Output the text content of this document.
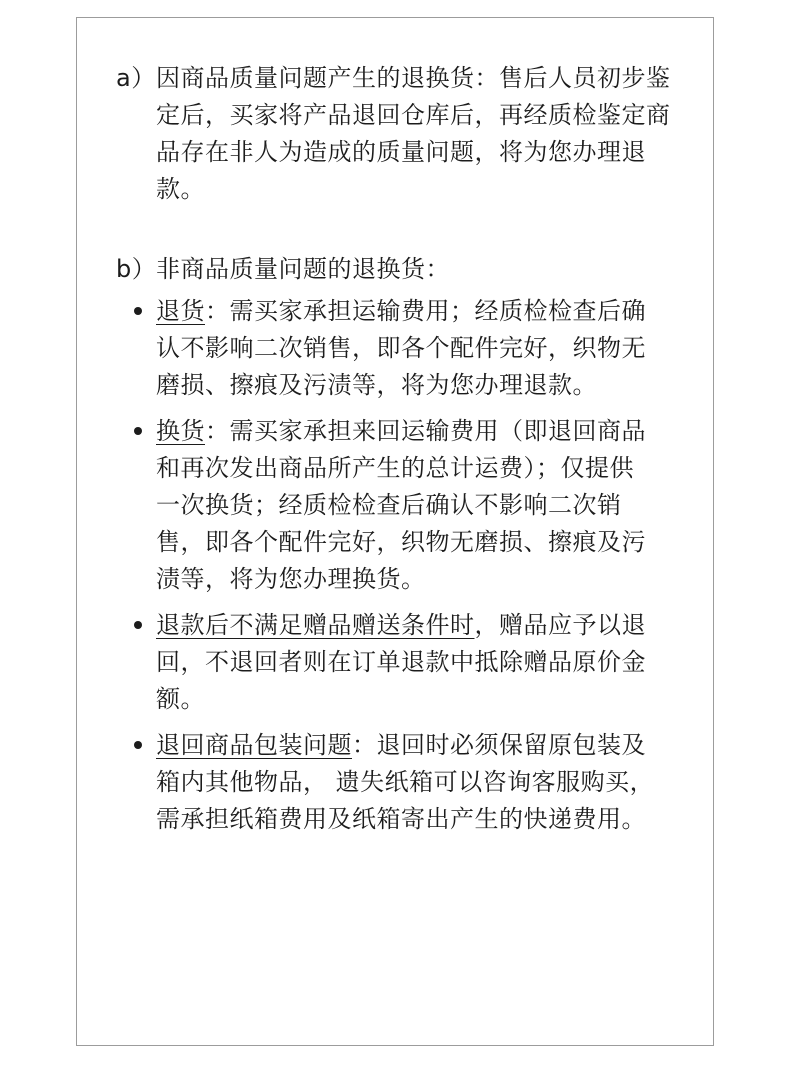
a） 因商品质量问题产生的退换货：售后人员初步鉴定后，买家将产品退回仓库后，再经质检鉴定商品存在非人为造成的质量问题，将为您办理退款。
b） 非商品质量问题的退换货：
退货：需买家承担运输费用；经质检检查后确认不影响二次销售，即各个配件完好，织物无磨损、擦痕及污渍等，将为您办理退款。
换货：需买家承担来回运输费用（即退回商品和再次发出商品所产生的总计运费）；仅提供一次换货；经质检检查后确认不影响二次销售，即各个配件完好，织物无磨损、擦痕及污渍等，将为您办理换货。
退款后不满足赠品赠送条件时，赠品应予以退回，不退回者则在订单退款中抵除赠品原价金额。
退回商品包装问题：退回时必须保留原包装及箱内其他物品， 遗失纸箱可以咨询客服购买，需承担纸箱费用及纸箱寄出产生的快递费用。
